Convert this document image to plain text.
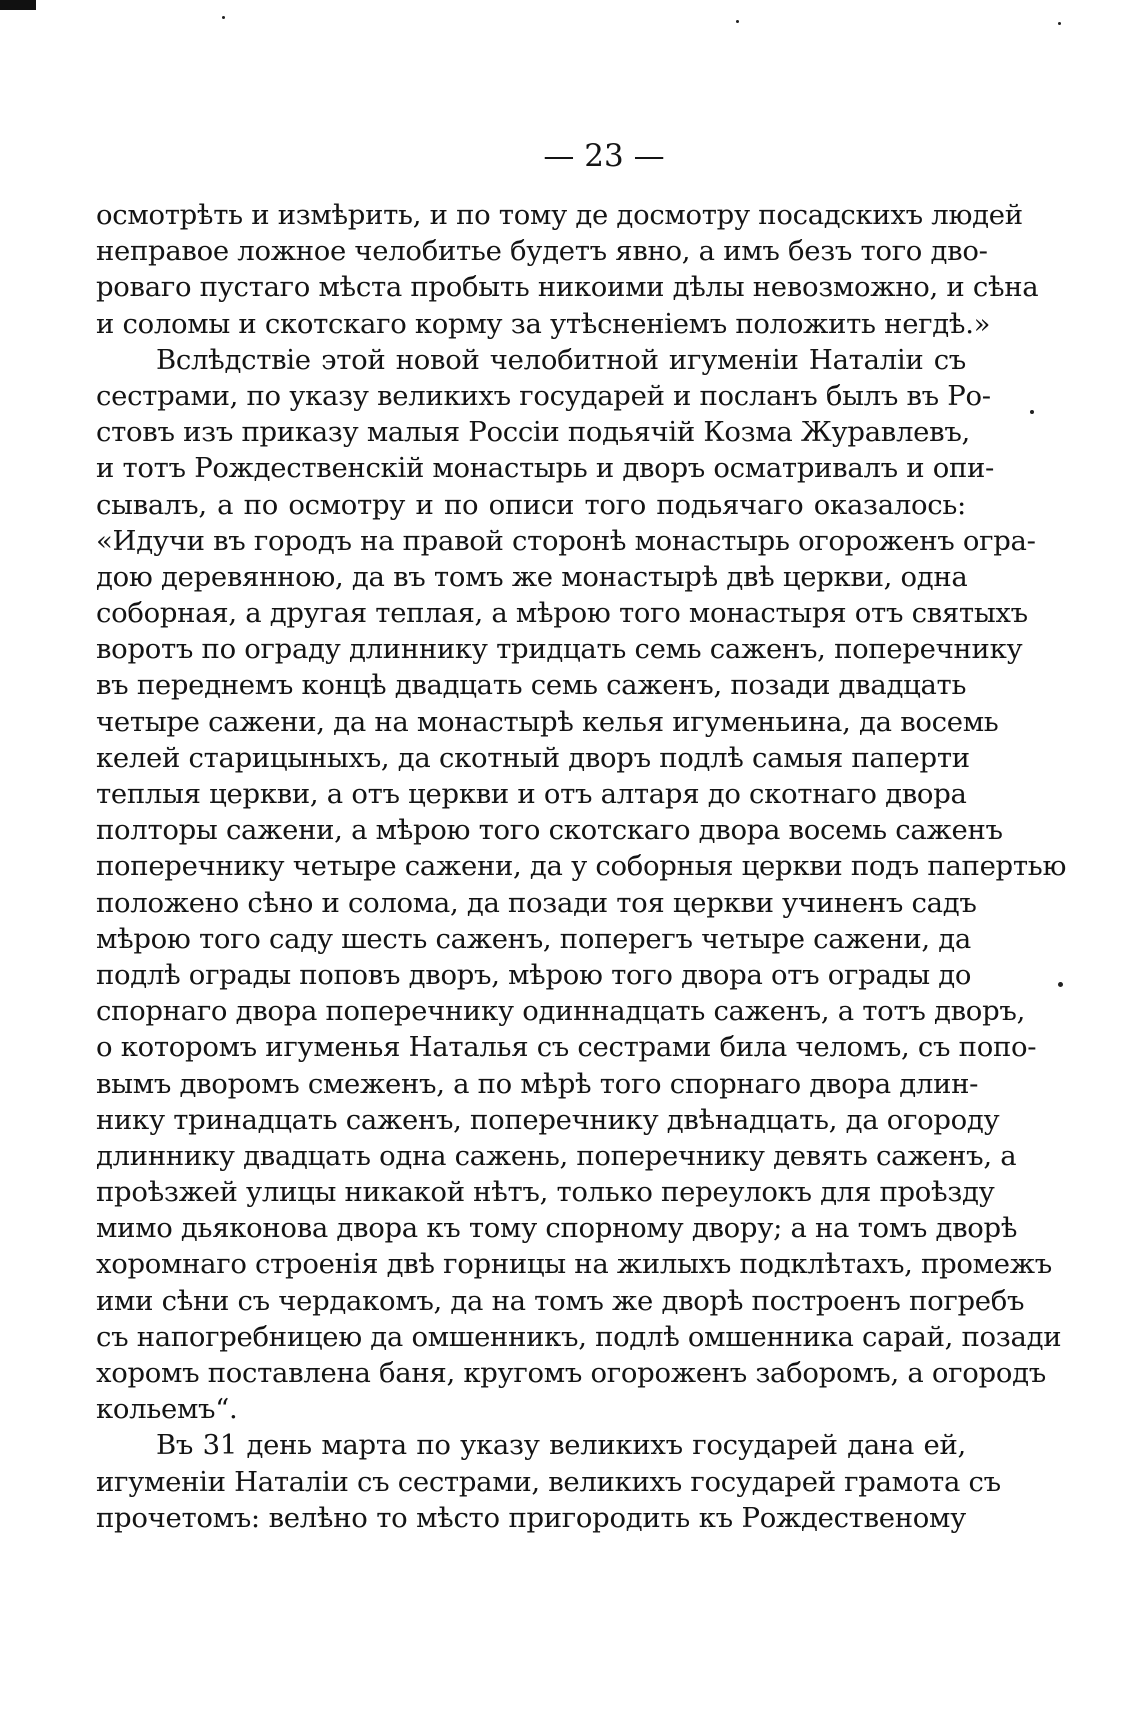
— 23 —
осмотрѣть и измѣрить, и по тому де досмотру посадскихъ людей
неправое ложное челобитье будетъ явно, а имъ безъ того дво-
роваго пустаго мѣста пробыть никоими дѣлы невозможно, и сѣна
и соломы и скотскаго корму за утѣсненіемъ положить негдѣ.»
Вслѣдствіе этой новой челобитной игуменіи Наталіи съ
сестрами, по указу великихъ государей и посланъ былъ въ Ро-
стовъ изъ приказу малыя Россіи подьячій Козма Журавлевъ,
и тотъ Рождественскій монастырь и дворъ осматривалъ и опи-
сывалъ, а по осмотру и по описи того подьячаго оказалось:
«Идучи въ городъ на правой сторонѣ монастырь огороженъ огра-
дою деревянною, да въ томъ же монастырѣ двѣ церкви, одна
соборная, а другая теплая, а мѣрою того монастыря отъ святыхъ
воротъ по ограду длиннику тридцать семь саженъ, поперечнику
въ переднемъ концѣ двадцать семь саженъ, позади двадцать
четыре сажени, да на монастырѣ келья игуменьина, да восемь
келей старицыныхъ, да скотный дворъ подлѣ самыя паперти
теплыя церкви, а отъ церкви и отъ алтаря до скотнаго двора
полторы сажени, а мѣрою того скотскаго двора восемь саженъ
поперечнику четыре сажени, да у соборныя церкви подъ папертью
положено сѣно и солома, да позади тоя церкви учиненъ садъ
мѣрою того саду шесть саженъ, поперегъ четыре сажени, да
подлѣ ограды поповъ дворъ, мѣрою того двора отъ ограды до
спорнаго двора поперечнику одиннадцать саженъ, а тотъ дворъ,
о которомъ игуменья Наталья съ сестрами била челомъ, съ попо-
вымъ дворомъ смеженъ, а по мѣрѣ того спорнаго двора длин-
нику тринадцать саженъ, поперечнику двѣнадцать, да огороду
длиннику двадцать одна сажень, поперечнику девять саженъ, а
проѣзжей улицы никакой нѣтъ, только переулокъ для проѣзду
мимо дьяконова двора къ тому спорному двору; а на томъ дворѣ
хоромнаго строенія двѣ горницы на жилыхъ подклѣтахъ, промежъ
ими сѣни съ чердакомъ, да на томъ же дворѣ построенъ погребъ
съ напогребницею да омшенникъ, подлѣ омшенника сарай, позади
хоромъ поставлена баня, кругомъ огороженъ заборомъ, а огородъ
кольемъ“.
Въ 31 день марта по указу великихъ государей дана ей,
игуменіи Наталіи съ сестрами, великихъ государей грамота съ
прочетомъ: велѣно то мѣсто пригородить къ Рождественому
